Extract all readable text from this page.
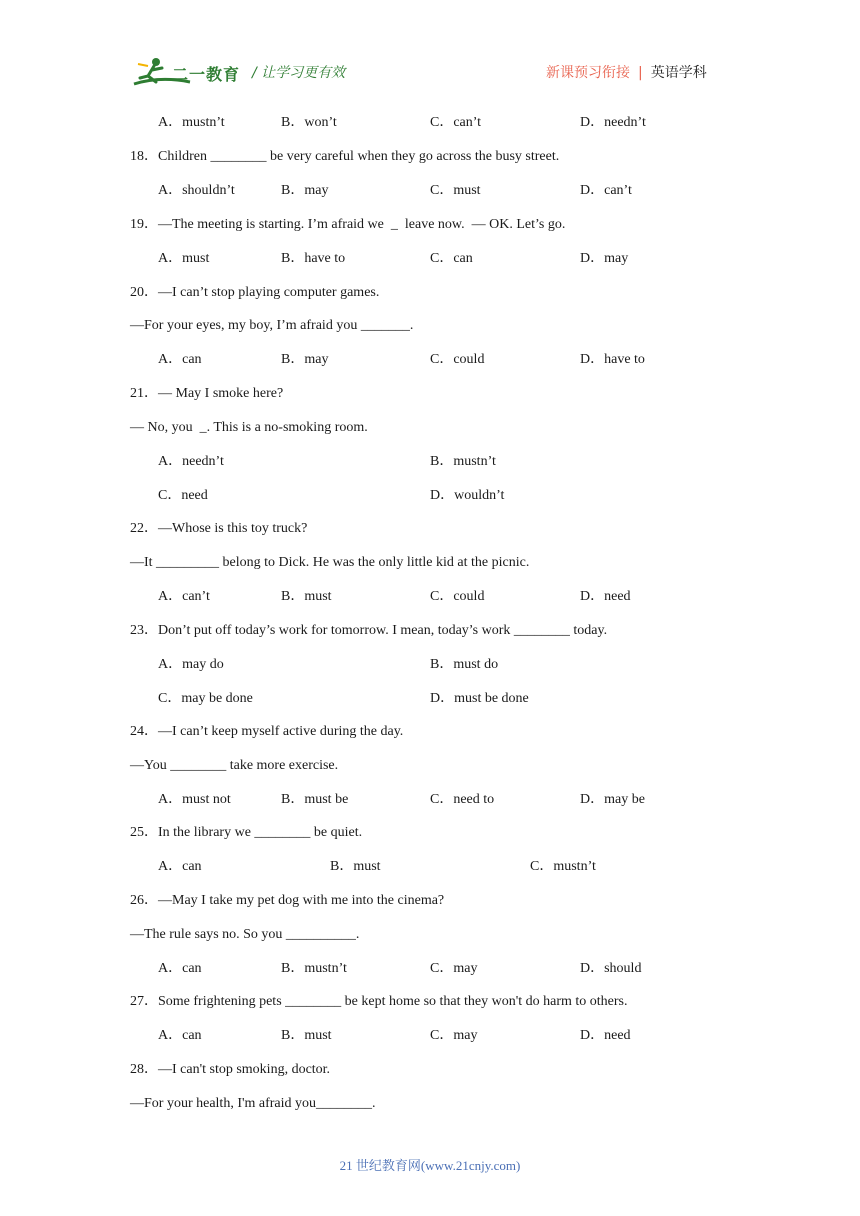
二一教育 / 让学习更有效	新课预习衔接 | 英语学科
A．mustn’t	B．won’t	C．can’t	D．needn’t
18．Children ________ be very careful when they go across the busy street.
A．shouldn’t	B．may	C．must	D．can’t
19．—The meeting is starting. I’m afraid we  _  leave now.  — OK. Let’s go.
A．must	B．have to	C．can	D．may
20．—I can’t stop playing computer games.
—For your eyes, my boy, I’m afraid you _______.
A．can	B．may	C．could	D．have to
21．— May I smoke here?
— No, you  _. This is a no-smoking room.
A．needn’t	B．mustn’t
C．need	D．wouldn’t
22．—Whose is this toy truck?
—It _________ belong to Dick. He was the only little kid at the picnic.
A．can’t	B．must	C．could	D．need
23．Don’t put off today’s work for tomorrow. I mean, today’s work ________ today.
A．may do	B．must do
C．may be done	D．must be done
24．—I can’t keep myself active during the day.
—You ________ take more exercise.
A．must not	B．must be	C．need to	D．may be
25．In the library we ________ be quiet.
A．can	B．must	C．mustn’t
26．—May I take my pet dog with me into the cinema?
—The rule says no. So you __________.
A．can	B．mustn’t	C．may	D．should
27．Some frightening pets ________ be kept home so that they won't do harm to others.
A．can	B．must	C．may	D．need
28．—I can't stop smoking, doctor.
—For your health, I'm afraid you________.
21 世纪教育网(www.21cnjy.com)
